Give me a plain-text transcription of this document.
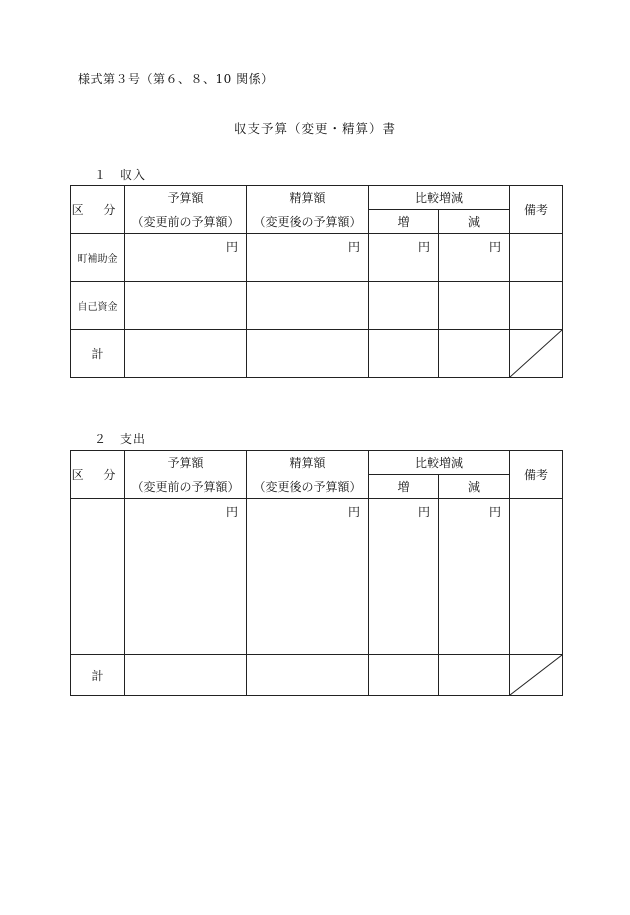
様式第３号（第６、８、10 関係）
収支予算（変更・精算）書
１ 収入
区 分	予算額	精算額	比較増減		備考
	（変更前の予算額）	（変更後の予算額）	増	減	
町補助金	円	円	円	円	
自己資金					
計					
２ 支出
区 分	予算額	精算額	比較増減		備考
	（変更前の予算額）	（変更後の予算額）	増	減	
	円	円	円	円	
計					
